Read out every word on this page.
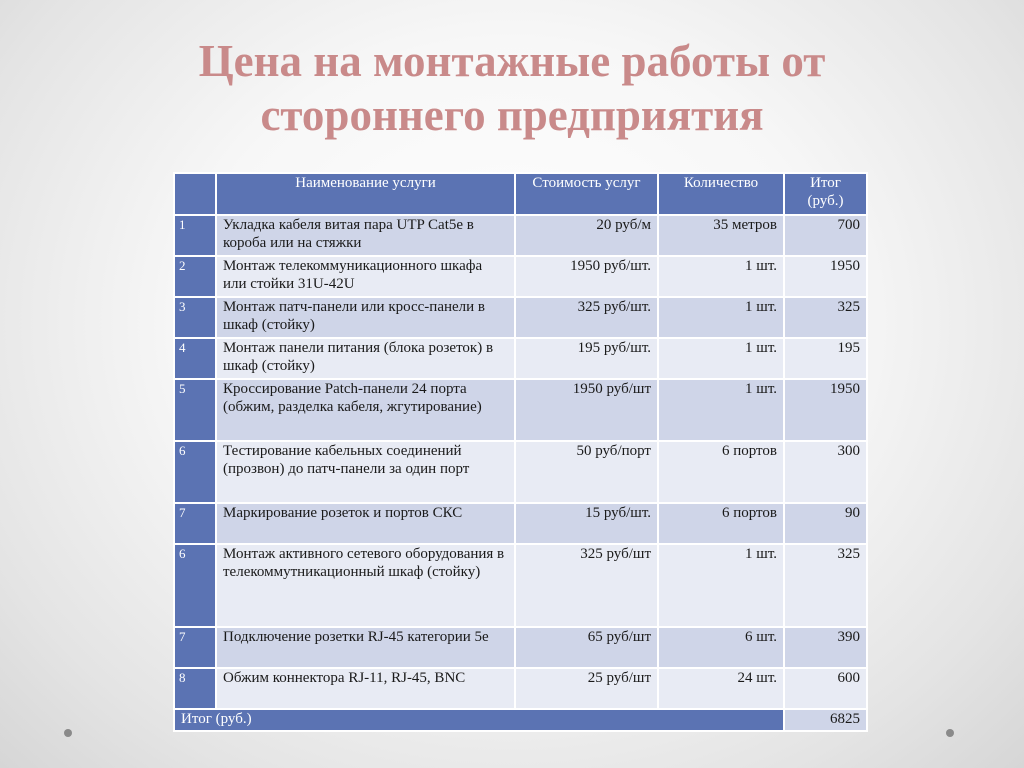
Цена на монтажные работы от
стороннего предприятия
	Наименование услуги	Стоимость услуг	Количество	Итог (руб.)
1	Укладка кабеля витая пара UTP Cat5e в короба или на стяжки	20 руб/м	35 метров	700
2	Монтаж телекоммуникационного шкафа или стойки 31U-42U	1950 руб/шт.	1 шт.	1950
3	Монтаж патч-панели или кросс-панели в шкаф (стойку)	325 руб/шт.	1 шт.	325
4	Монтаж панели питания (блока розеток) в шкаф (стойку)	195 руб/шт.	1 шт.	195
5	Кроссирование Patch-панели 24 порта (обжим, разделка кабеля, жгутирование)	1950 руб/шт	1 шт.	1950
6	Тестирование кабельных соединений (прозвон) до патч-панели за один порт	50 руб/порт	6 портов	300
7	Маркирование розеток и портов СКС	15 руб/шт.	6 портов	90
6	Монтаж активного сетевого оборудования в телекоммутникационный шкаф (стойку)	325 руб/шт	1 шт.	325
7	Подключение розетки RJ-45 категории 5e	65 руб/шт	6 шт.	390
8	Обжим коннектора RJ-11, RJ-45, BNC	25 руб/шт	24 шт.	600
Итог (руб.)				6825
